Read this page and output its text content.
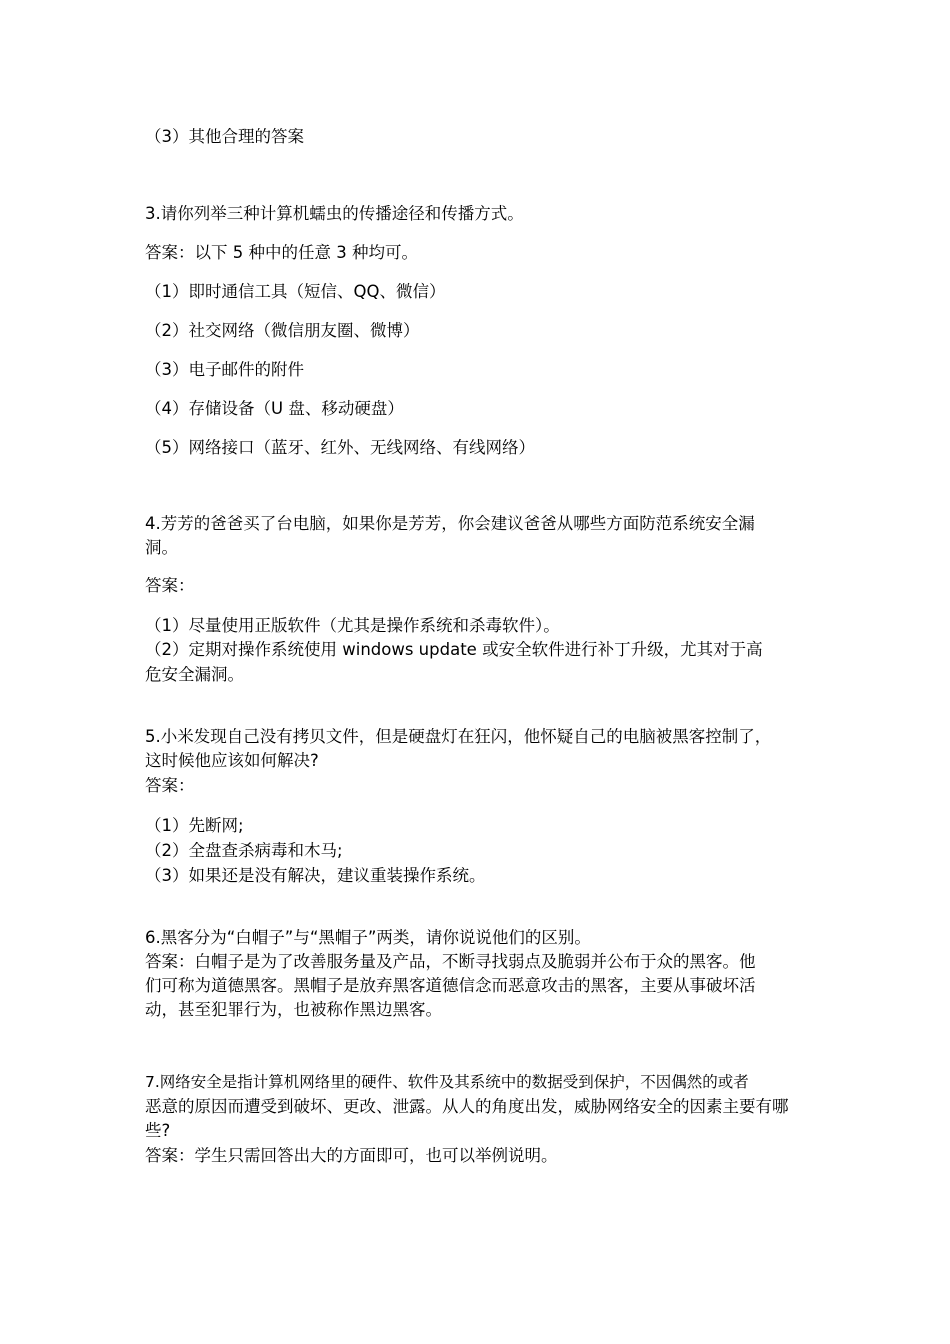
（3）其他合理的答案
3.请你列举三种计算机蠕虫的传播途径和传播方式。
答案：以下 5 种中的任意 3 种均可。
（1）即时通信工具（短信、QQ、微信）
（2）社交网络（微信朋友圈、微博）
（3）电子邮件的附件
（4）存储设备（U 盘、移动硬盘）
（5）网络接口（蓝牙、红外、无线网络、有线网络）
4.芳芳的爸爸买了台电脑，如果你是芳芳，你会建议爸爸从哪些方面防范系统安全漏
洞。
答案：
（1）尽量使用正版软件（尤其是操作系统和杀毒软件）。
（2）定期对操作系统使用 windows update 或安全软件进行补丁升级，尤其对于高
危安全漏洞。
5.小米发现自己没有拷贝文件，但是硬盘灯在狂闪，他怀疑自己的电脑被黑客控制了，
这时候他应该如何解决?
答案：
（1）先断网;
（2）全盘查杀病毒和木马;
（3）如果还是没有解决，建议重装操作系统。
6.黑客分为“白帽子”与“黑帽子”两类，请你说说他们的区别。
答案：白帽子是为了改善服务量及产品，不断寻找弱点及脆弱并公布于众的黑客。他
们可称为道德黑客。黑帽子是放弃黑客道德信念而恶意攻击的黑客，主要从事破坏活
动，甚至犯罪行为，也被称作黑边黑客。
7.网络安全是指计算机网络里的硬件、软件及其系统中的数据受到保护，不因偶然的或者
恶意的原因而遭受到破坏、更改、泄露。从人的角度出发，威胁网络安全的因素主要有哪
些?
答案：学生只需回答出大的方面即可，也可以举例说明。
